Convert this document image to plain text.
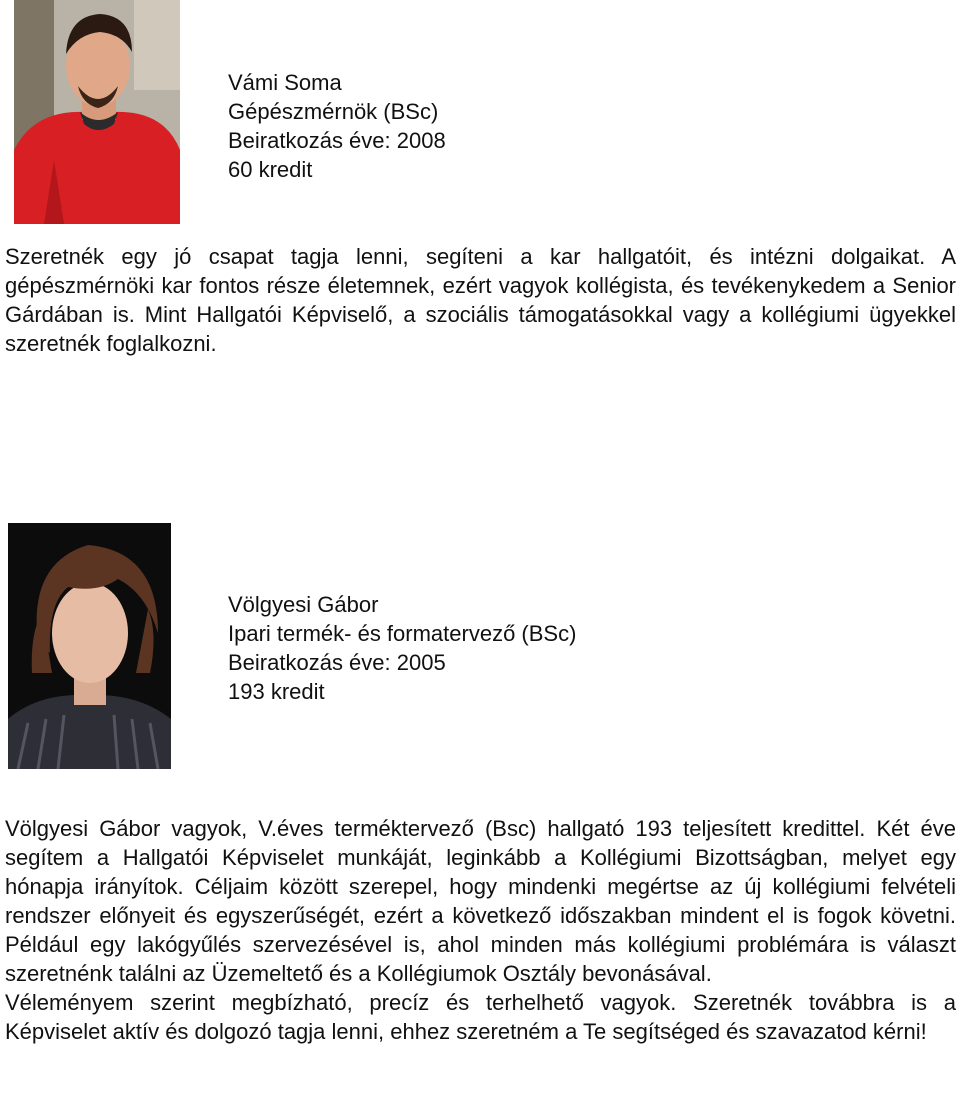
Vámi Soma
Gépészmérnök (BSc)
Beiratkozás éve: 2008
60 kredit

Szeretnék egy jó csapat tagja lenni, segíteni a kar hallgatóit, és intézni dolgaikat. A gépészmérnöki kar fontos része életemnek, ezért vagyok kollégista, és tevékenykedem a Senior Gárdában is. Mint Hallgatói Képviselő, a szociális támogatásokkal vagy a kollégiumi ügyekkel szeretnék foglalkozni.

Völgyesi Gábor
Ipari termék- és formatervező (BSc)
Beiratkozás éve: 2005
193 kredit

Völgyesi Gábor vagyok, V.éves terméktervező (Bsc) hallgató 193 teljesített kredittel. Két éve segítem a Hallgatói Képviselet munkáját, leginkább a Kollégiumi Bizottságban, melyet egy hónapja irányítok. Céljaim között szerepel, hogy mindenki megértse az új kollégiumi felvételi rendszer előnyeit és egyszerűségét, ezért a következő időszakban mindent el is fogok követni. Például egy lakógyűlés szervezésével is, ahol minden más kollégiumi problémára is választ szeretnénk találni az Üzemeltető és a Kollégiumok Osztály bevonásával.

Véleményem szerint megbízható, precíz és terhelhető vagyok. Szeretnék továbbra is a Képviselet aktív és dolgozó tagja lenni, ehhez szeretném a Te segítséged és szavazatod kérni!
